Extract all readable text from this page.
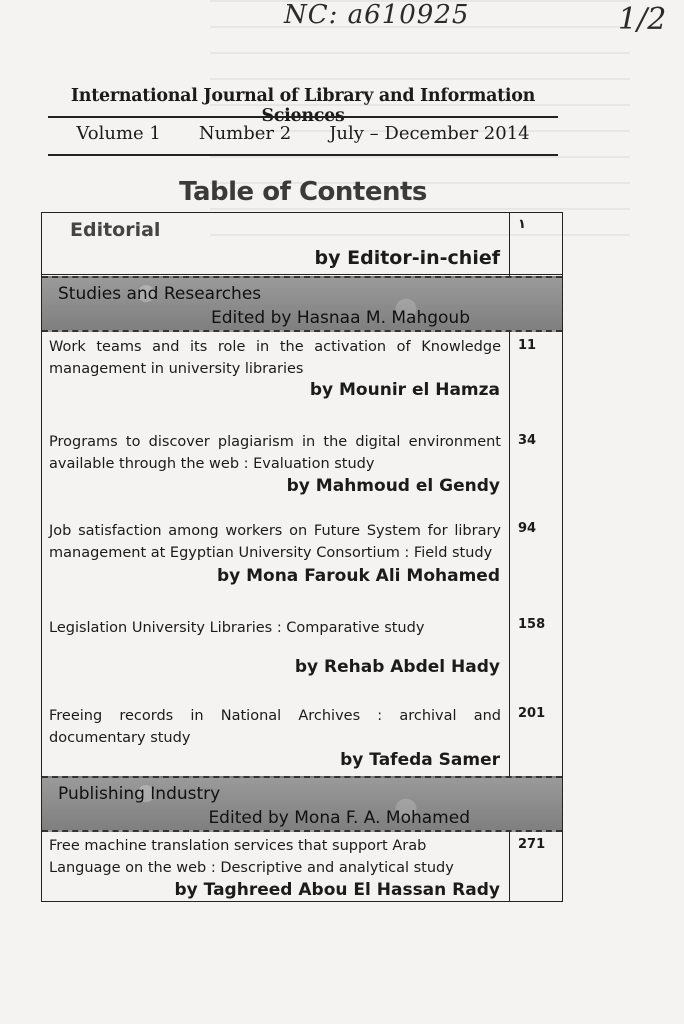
NC: a610925	1/2
International Journal of Library and Information Sciences
Volume 1 Number 2 July – December 2014
Table of Contents
Editorial
by Editor-in-chief
١
Studies and Researches
Edited by Hasnaa M. Mahgoub
Work teams and its role in the activation of Knowledge management in university libraries
by Mounir el Hamza
11
Programs to discover plagiarism in the digital environment available through the web : Evaluation study
by Mahmoud el Gendy
34
Job satisfaction among workers on Future System for library management at Egyptian University Consortium : Field study
by Mona Farouk Ali Mohamed
94
Legislation University Libraries : Comparative study
by Rehab Abdel Hady
158
Freeing records in National Archives : archival and documentary study
by Tafeda Samer
201
Publishing Industry
Edited by Mona F. A. Mohamed
Free machine translation services that support Arab Language on the web : Descriptive and analytical study
by Taghreed Abou El Hassan Rady
271
